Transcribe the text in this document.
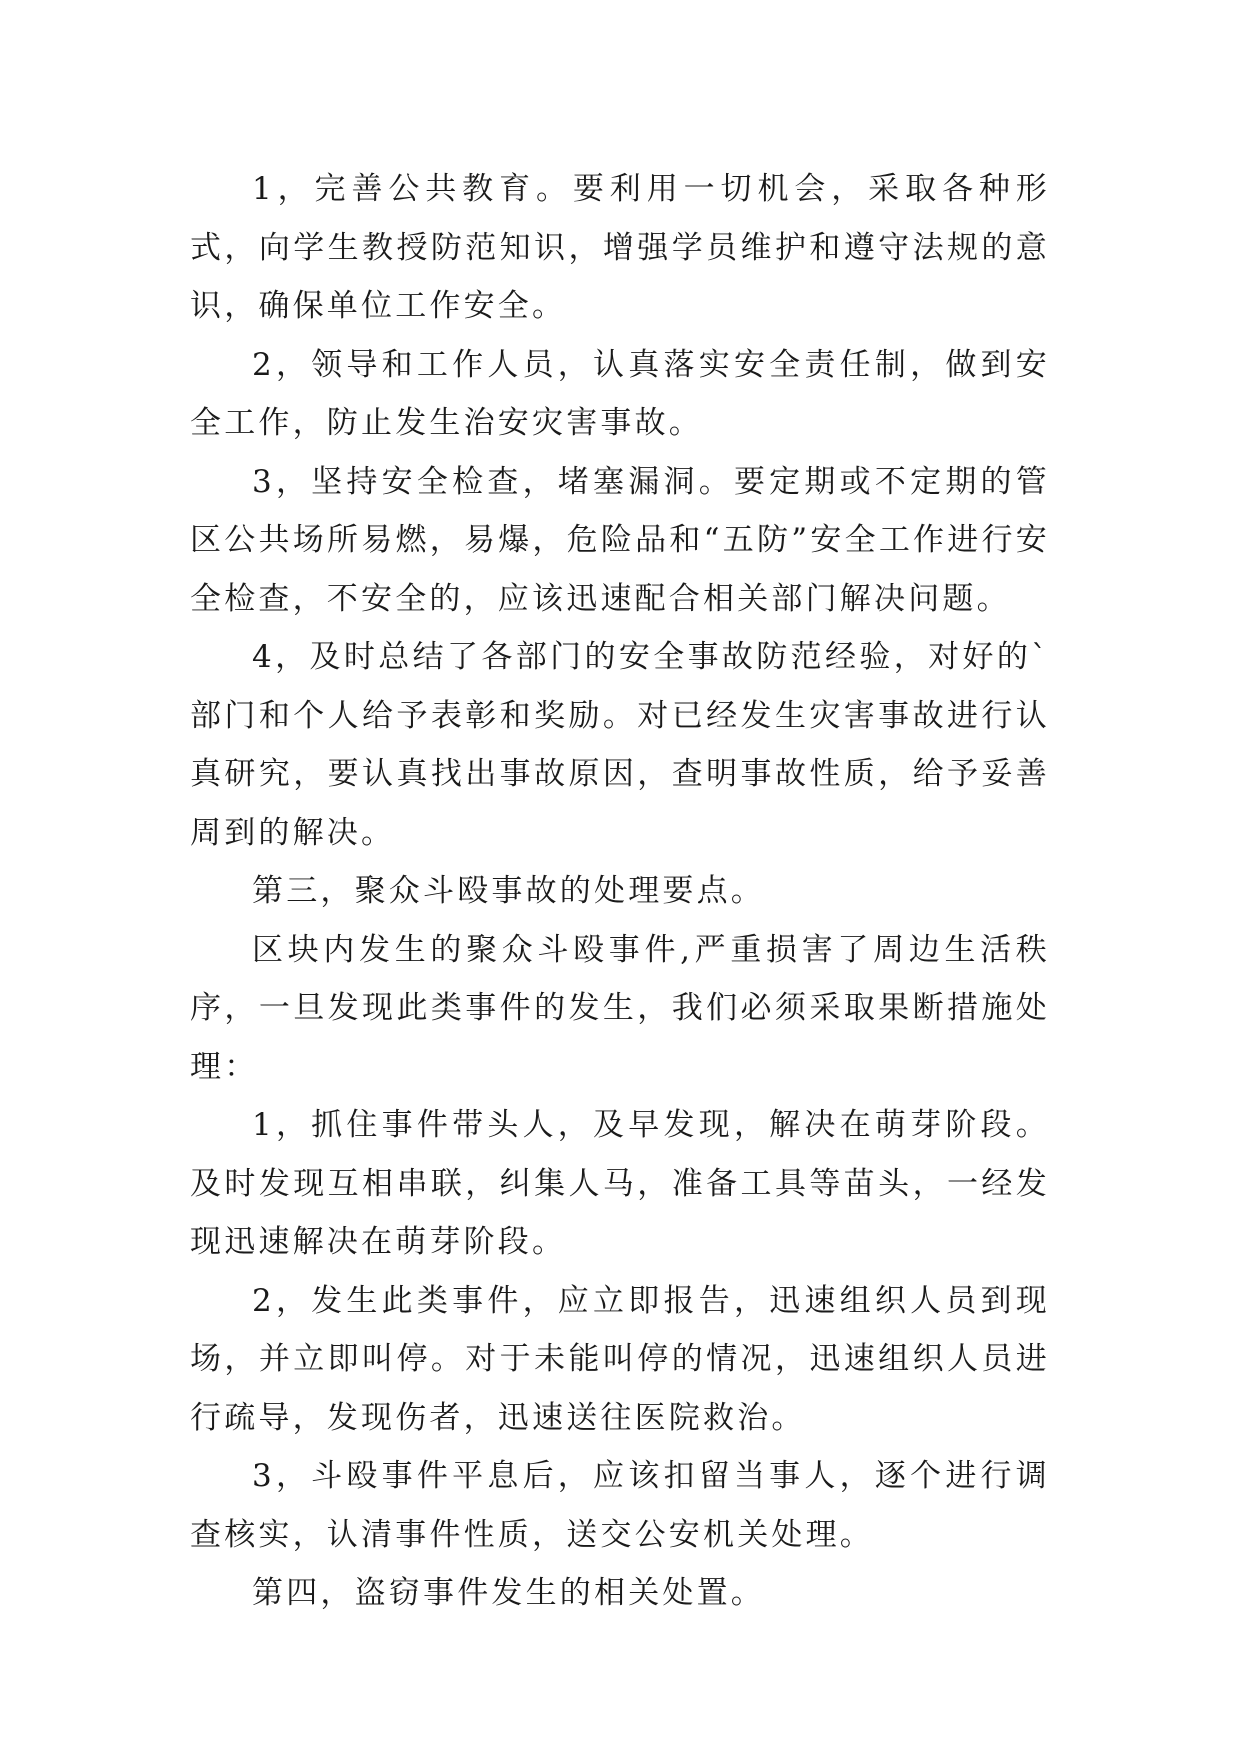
1，完善公共教育。要利用一切机会，采取各种形式，向学生教授防范知识，增强学员维护和遵守法规的意识，确保单位工作安全。

2，领导和工作人员，认真落实安全责任制，做到安全工作，防止发生治安灾害事故。

3，坚持安全检查，堵塞漏洞。要定期或不定期的管区公共场所易燃，易爆，危险品和“五防”安全工作进行安全检查，不安全的，应该迅速配合相关部门解决问题。

4，及时总结了各部门的安全事故防范经验，对好的`部门和个人给予表彰和奖励。对已经发生灾害事故进行认真研究，要认真找出事故原因，查明事故性质，给予妥善周到的解决。

第三，聚众斗殴事故的处理要点。

区块内发生的聚众斗殴事件,严重损害了周边生活秩序，一旦发现此类事件的发生，我们必须采取果断措施处理：

1，抓住事件带头人，及早发现，解决在萌芽阶段。及时发现互相串联，纠集人马，准备工具等苗头，一经发现迅速解决在萌芽阶段。

2，发生此类事件，应立即报告，迅速组织人员到现场，并立即叫停。对于未能叫停的情况，迅速组织人员进行疏导，发现伤者，迅速送往医院救治。

3，斗殴事件平息后，应该扣留当事人，逐个进行调查核实，认清事件性质，送交公安机关处理。

第四，盗窃事件发生的相关处置。
